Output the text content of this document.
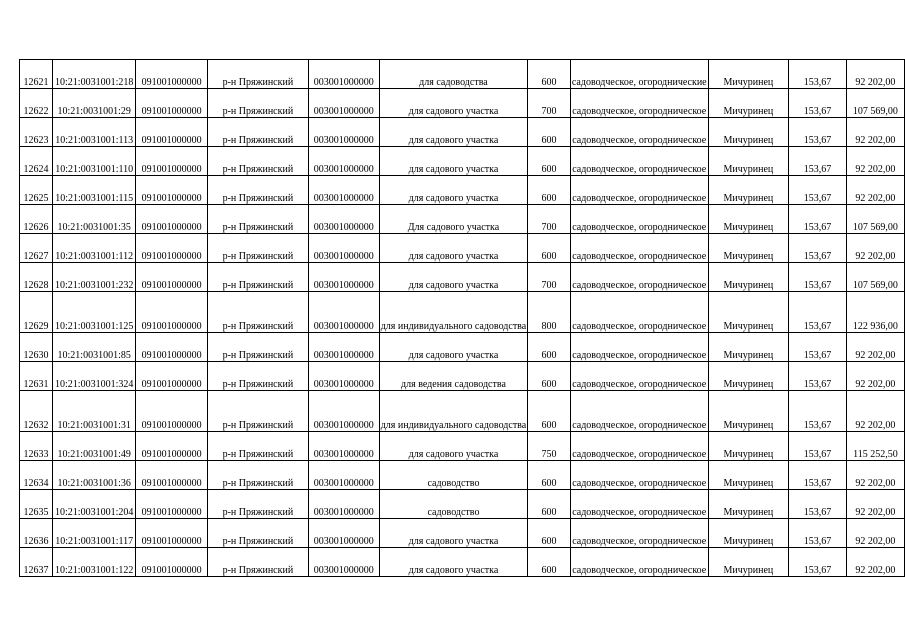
12621	10:21:0031001:218	091001000000	р-н Пряжинский	003001000000	для садоводства	600	садоводческое, огороднические	Мичуринец	153,67	92 202,00
12622	10:21:0031001:29	091001000000	р-н Пряжинский	003001000000	для садового участка	700	садоводческое, огородническое	Мичуринец	153,67	107 569,00
12623	10:21:0031001:113	091001000000	р-н Пряжинский	003001000000	для садового участка	600	садоводческое, огородническое	Мичуринец	153,67	92 202,00
12624	10:21:0031001:110	091001000000	р-н Пряжинский	003001000000	для садового участка	600	садоводческое, огородническое	Мичуринец	153,67	92 202,00
12625	10:21:0031001:115	091001000000	р-н Пряжинский	003001000000	для садового участка	600	садоводческое, огородническое	Мичуринец	153,67	92 202,00
12626	10:21:0031001:35	091001000000	р-н Пряжинский	003001000000	Для садового участка	700	садоводческое, огородническое	Мичуринец	153,67	107 569,00
12627	10:21:0031001:112	091001000000	р-н Пряжинский	003001000000	для садового участка	600	садоводческое, огородническое	Мичуринец	153,67	92 202,00
12628	10:21:0031001:232	091001000000	р-н Пряжинский	003001000000	для садового участка	700	садоводческое, огородническое	Мичуринец	153,67	107 569,00
12629	10:21:0031001:125	091001000000	р-н Пряжинский	003001000000	для индивидуального садоводства	800	садоводческое, огородническое	Мичуринец	153,67	122 936,00
12630	10:21:0031001:85	091001000000	р-н Пряжинский	003001000000	для садового участка	600	садоводческое, огородническое	Мичуринец	153,67	92 202,00
12631	10:21:0031001:324	091001000000	р-н Пряжинский	003001000000	для ведения садоводства	600	садоводческое, огородническое	Мичуринец	153,67	92 202,00
12632	10:21:0031001:31	091001000000	р-н Пряжинский	003001000000	для индивидуального садоводства	600	садоводческое, огородническое	Мичуринец	153,67	92 202,00
12633	10:21:0031001:49	091001000000	р-н Пряжинский	003001000000	для садового участка	750	садоводческое, огородническое	Мичуринец	153,67	115 252,50
12634	10:21:0031001:36	091001000000	р-н Пряжинский	003001000000	садоводство	600	садоводческое, огородническое	Мичуринец	153,67	92 202,00
12635	10:21:0031001:204	091001000000	р-н Пряжинский	003001000000	садоводство	600	садоводческое, огородническое	Мичуринец	153,67	92 202,00
12636	10:21:0031001:117	091001000000	р-н Пряжинский	003001000000	для садового участка	600	садоводческое, огородническое	Мичуринец	153,67	92 202,00
12637	10:21:0031001:122	091001000000	р-н Пряжинский	003001000000	для садового участка	600	садоводческое, огородническое	Мичуринец	153,67	92 202,00
